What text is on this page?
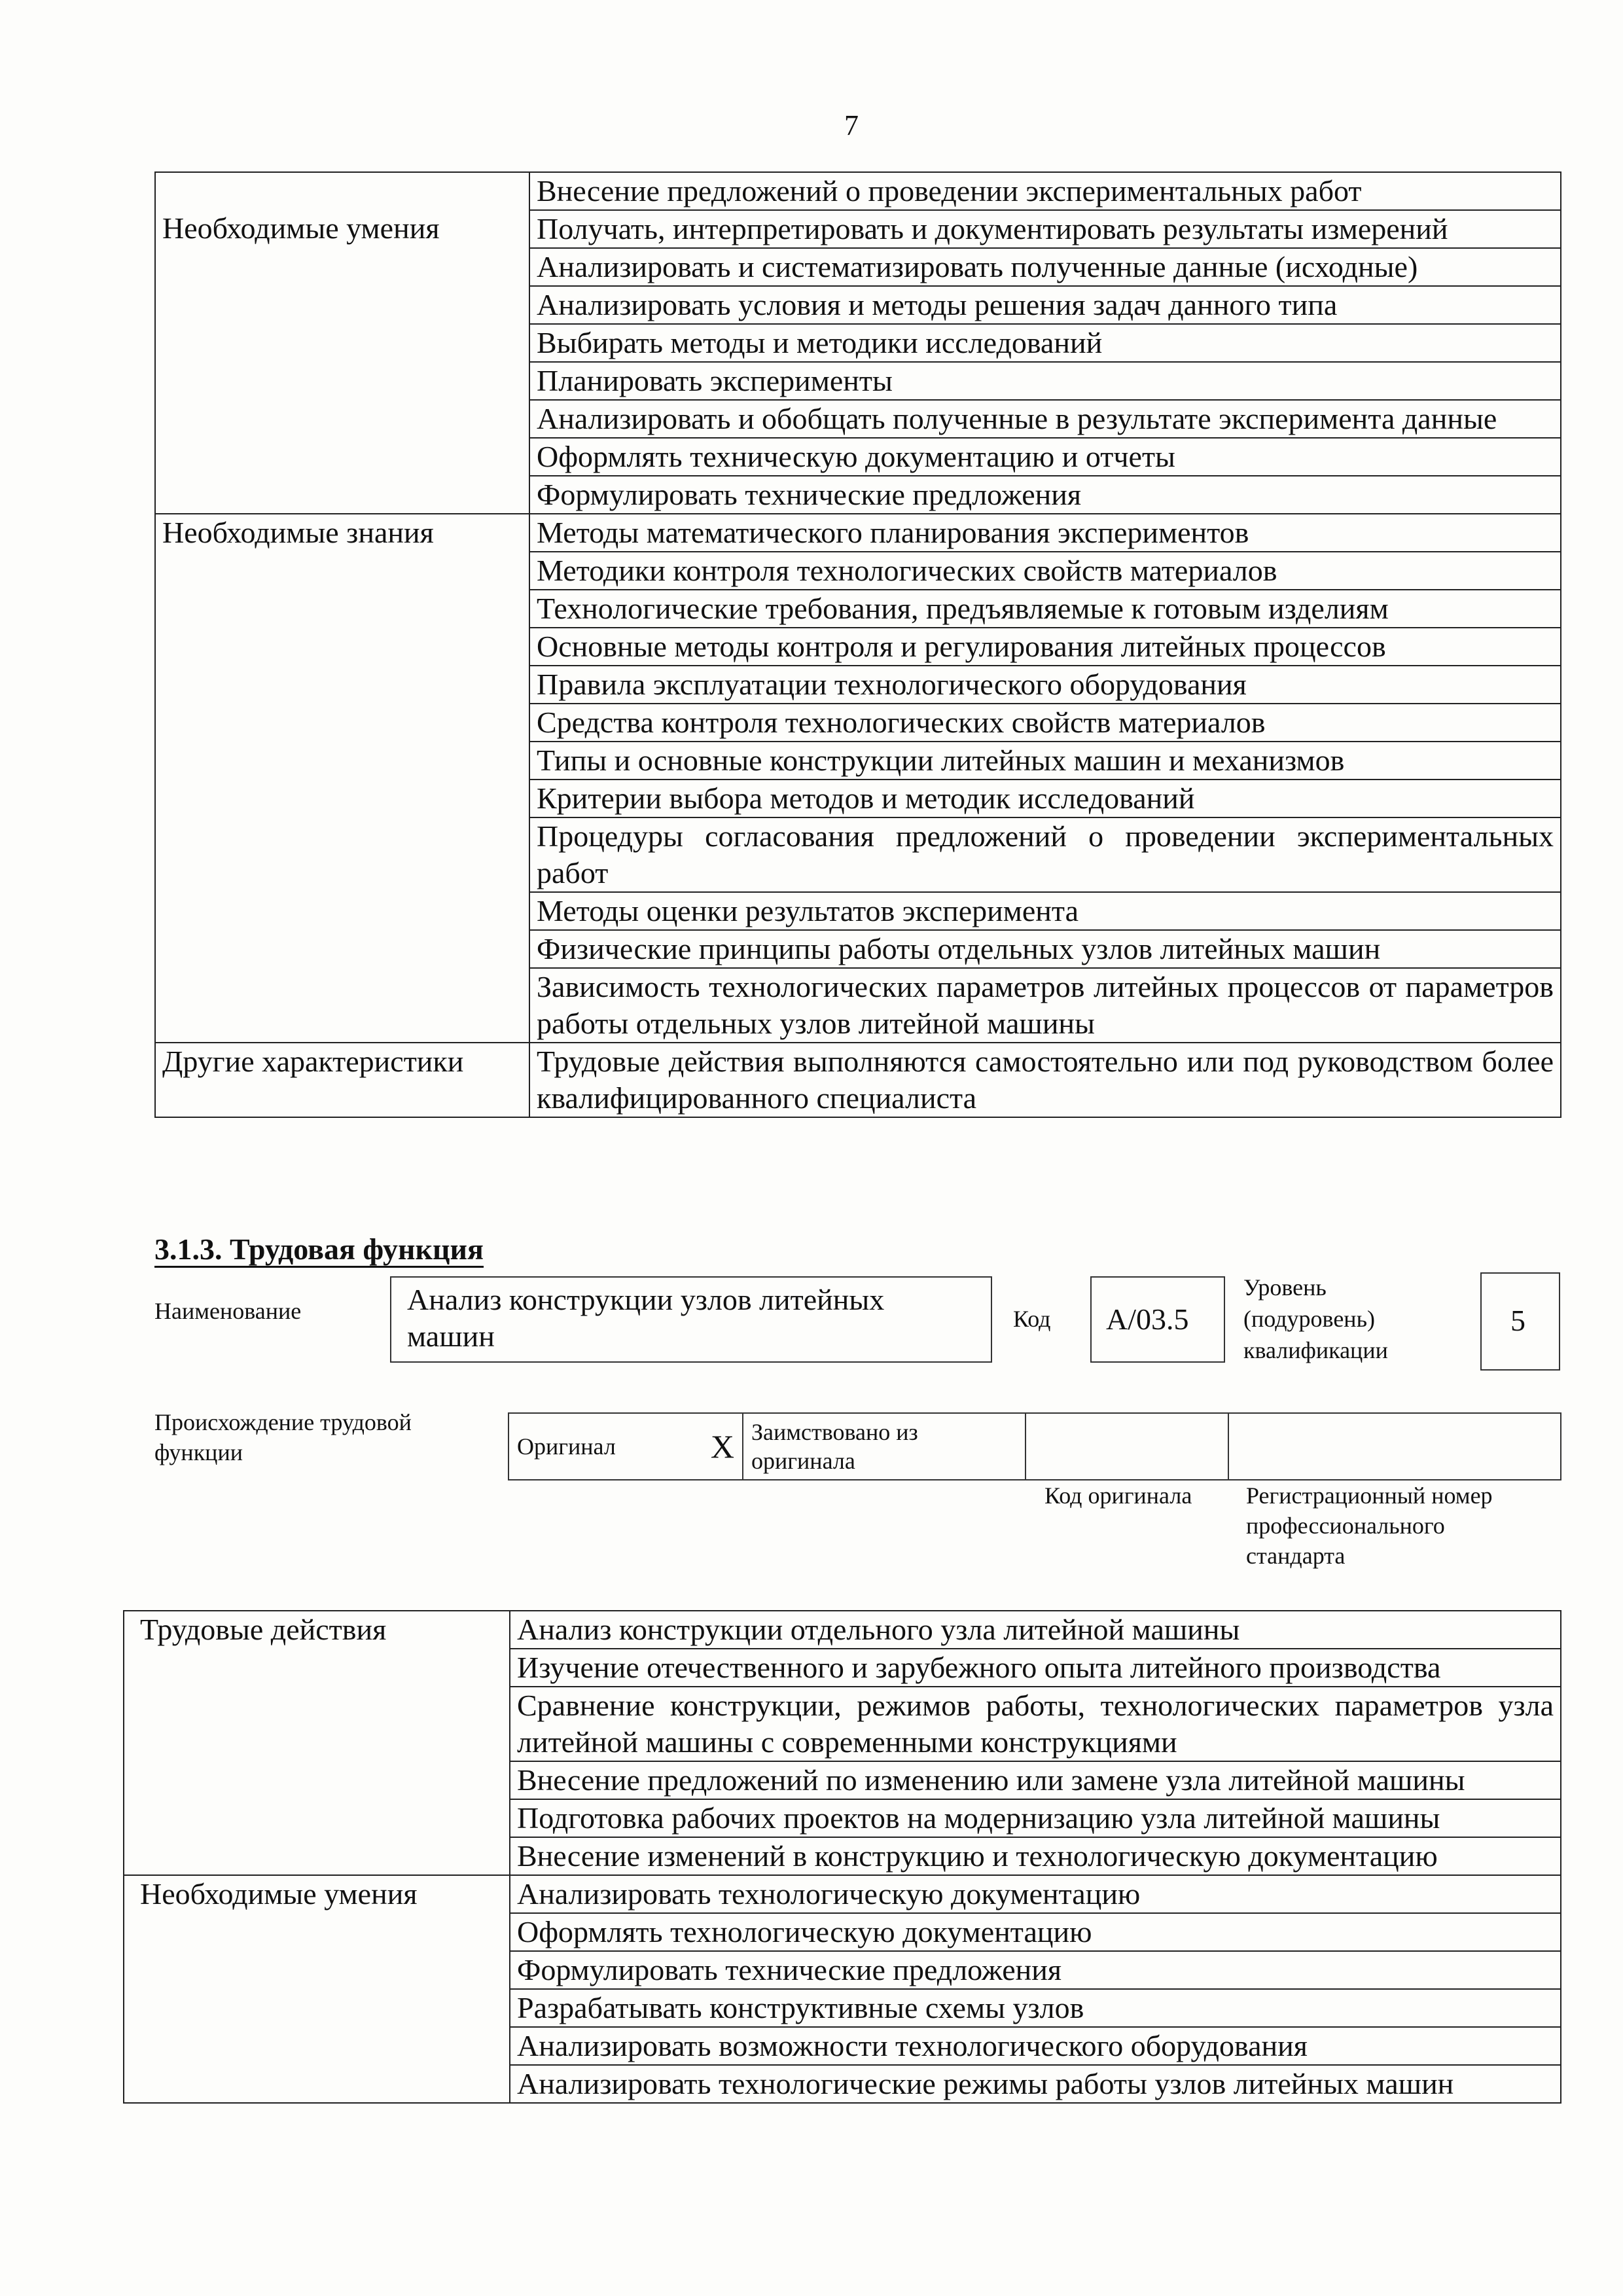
7
	Внесение предложений о проведении экспериментальных работ
Необходимые умения	Получать, интерпретировать и документировать результаты измерений
	Анализировать и систематизировать полученные данные (исходные)
	Анализировать условия и методы решения задач данного типа
	Выбирать методы и методики исследований
	Планировать эксперименты
	Анализировать и обобщать полученные в результате эксперимента данные
	Оформлять техническую документацию и отчеты
	Формулировать технические предложения
Необходимые знания	Методы математического планирования экспериментов
	Методики контроля технологических свойств материалов
	Технологические требования, предъявляемые к готовым изделиям
	Основные методы контроля и регулирования литейных процессов
	Правила эксплуатации технологического оборудования
	Средства контроля технологических свойств материалов
	Типы и основные конструкции литейных машин и механизмов
	Критерии выбора методов и методик исследований
	Процедуры согласования предложений о проведении экспериментальных работ
	Методы оценки результатов эксперимента
	Физические принципы работы отдельных узлов литейных машин
	Зависимость технологических параметров литейных процессов от параметров работы отдельных узлов литейной машины
Другие характеристики	Трудовые действия выполняются самостоятельно или под руководством более квалифицированного специалиста
3.1.3. Трудовая функция
Наименование	Анализ конструкции узлов литейных
машин
Код A/03.5
Уровень
(подуровень)
квалификации
5
Происхождение трудовой
функции	Оригинал	X	Заимствовано из
оригинала

Код оригинала Регистрационный номер
профессионального
стандарта
Трудовые действия	Анализ конструкции отдельного узла литейной машины
	Изучение отечественного и зарубежного опыта литейного производства
	Сравнение конструкции, режимов работы, технологических параметров узла литейной машины с современными конструкциями
	Внесение предложений по изменению или замене узла литейной машины
	Подготовка рабочих проектов на модернизацию узла литейной машины
	Внесение изменений в конструкцию и технологическую документацию
Необходимые умения	Анализировать технологическую документацию
	Оформлять технологическую документацию
	Формулировать технические предложения
	Разрабатывать конструктивные схемы узлов
	Анализировать возможности технологического оборудования
	Анализировать технологические режимы работы узлов литейных машин
